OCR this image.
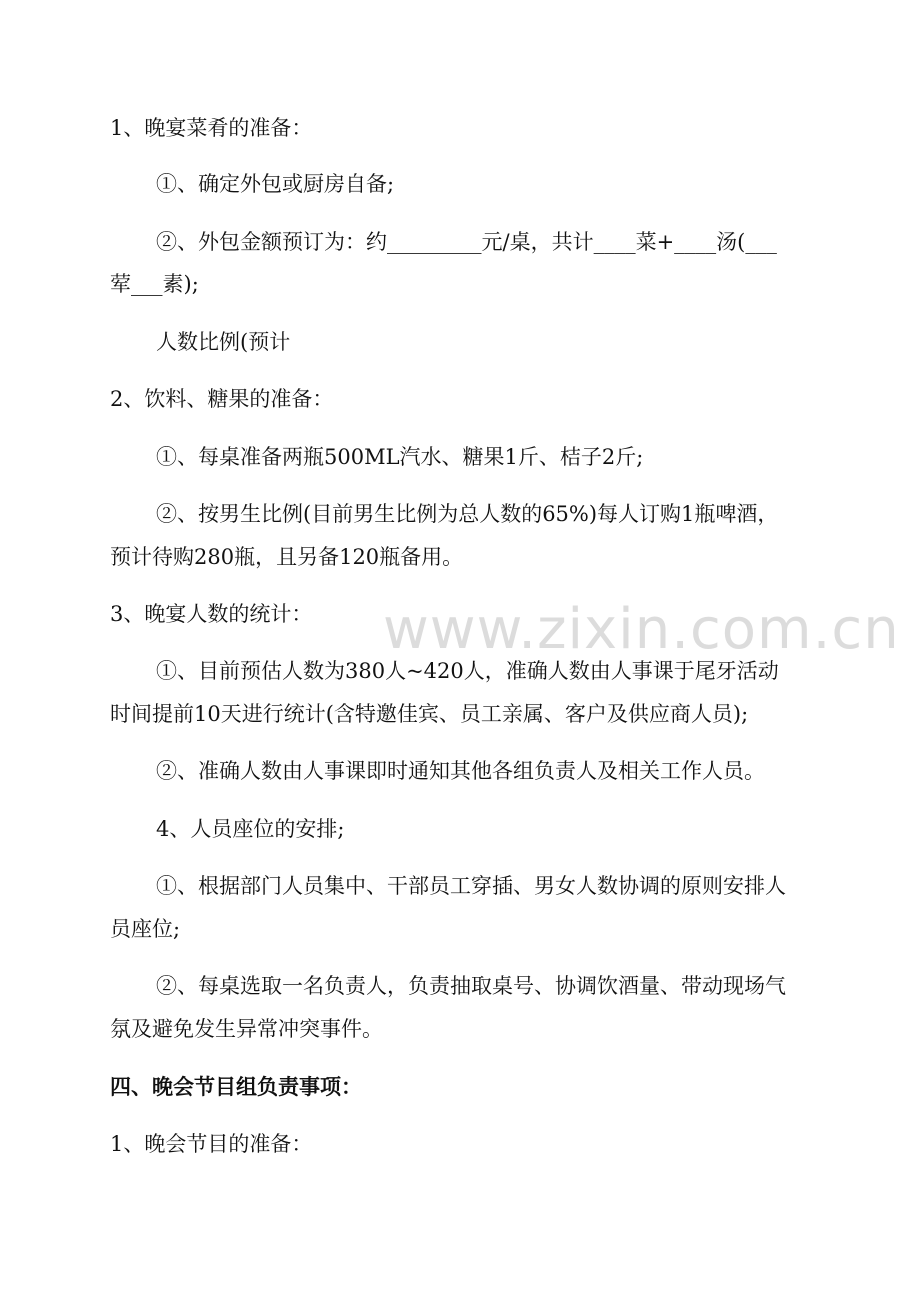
www.zixin.com.cn

1、晚宴菜肴的准备：

①、确定外包或厨房自备;

②、外包金额预订为：约_________元/桌，共计____菜+____汤(___

荤___素);

人数比例(预计

2、饮料、糖果的准备：

①、每桌准备两瓶500ML汽水、糖果1斤、桔子2斤;

②、按男生比例(目前男生比例为总人数的65%)每人订购1瓶啤酒，

预计待购280瓶，且另备120瓶备用。

3、晚宴人数的统计：

①、目前预估人数为380人~420人，准确人数由人事课于尾牙活动

时间提前10天进行统计(含特邀佳宾、员工亲属、客户及供应商人员);

②、准确人数由人事课即时通知其他各组负责人及相关工作人员。

4、人员座位的安排;

①、根据部门人员集中、干部员工穿插、男女人数协调的原则安排人

员座位;

②、每桌选取一名负责人，负责抽取桌号、协调饮酒量、带动现场气

氛及避免发生异常冲突事件。

四、晚会节目组负责事项：

1、晚会节目的准备：
